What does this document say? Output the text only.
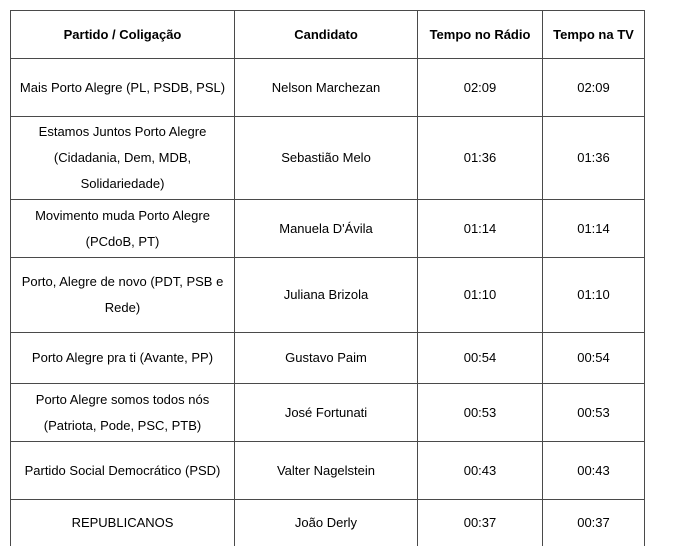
Partido / Coligação	Candidato	Tempo no Rádio	Tempo na TV
Mais Porto Alegre (PL, PSDB, PSL)	Nelson Marchezan	02:09	02:09
Estamos Juntos Porto Alegre (Cidadania, Dem, MDB, Solidariedade)	Sebastião Melo	01:36	01:36
Movimento muda Porto Alegre (PCdoB, PT)	Manuela D'Ávila	01:14	01:14
Porto, Alegre de novo (PDT, PSB e Rede)	Juliana Brizola	01:10	01:10
Porto Alegre pra ti (Avante, PP)	Gustavo Paim	00:54	00:54
Porto Alegre somos todos nós (Patriota, Pode, PSC, PTB)	José Fortunati	00:53	00:53
Partido Social Democrático (PSD)	Valter Nagelstein	00:43	00:43
REPUBLICANOS	João Derly	00:37	00:37
